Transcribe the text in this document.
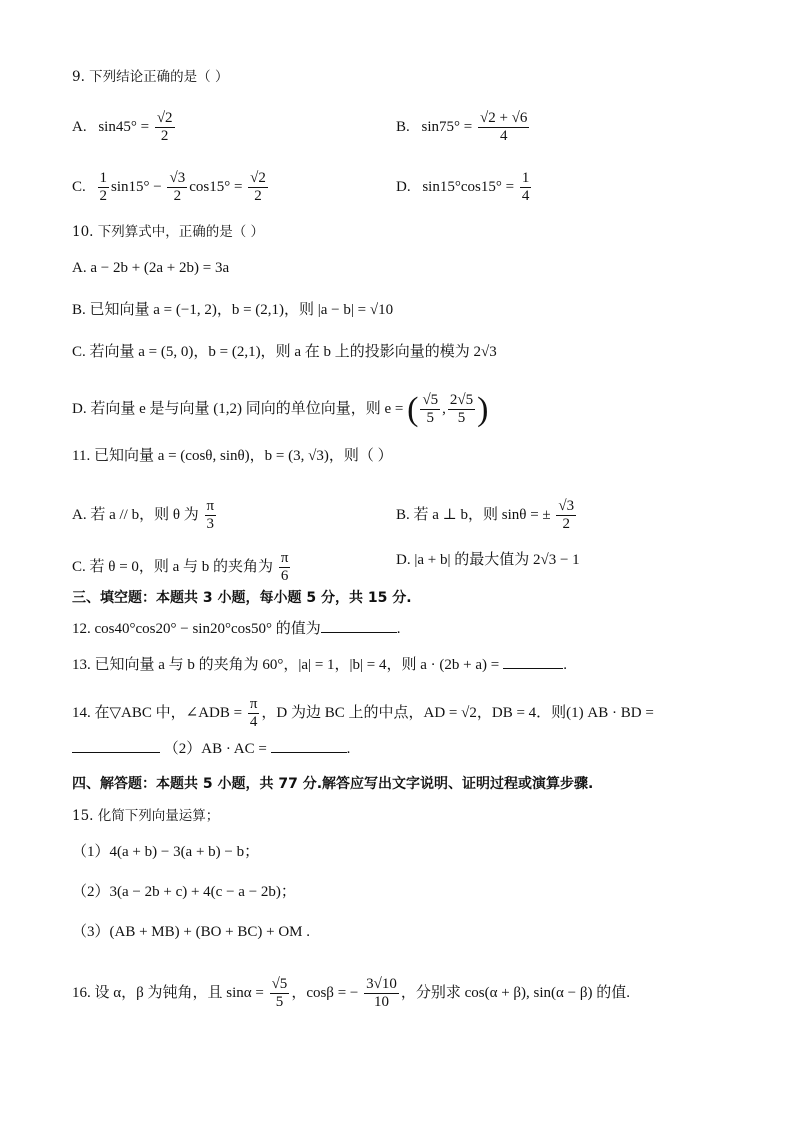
9. 下列结论正确的是（ ）
A. $\sin 45^\circ = \frac{√2}{2}$	B. $\sin 75^\circ = \frac{√2 + √6}{4}$
C. $\frac{1}{2} \sin 15^\circ - \frac{√3}{2} \cos 15^\circ = \frac{√2}{2}$	D. $\sin 15^\circ\cos 15^\circ = \frac{1}{4}$
10. 下列算式中，正确的是（ ）
A. a − 2b + (2a + 2b) = 3a
B. 已知向量 a = (−1, 2)，b = (2,1)，则 |a − b| = √10
C. 若向量 a = (5, 0)，b = (2,1)，则 a 在 b 上的投影向量的模为 2√3
D. 若向量 e 是与向量 (1,2) 同向的单位向量，则 e = ( $\frac{√5}{5}$ , $\frac{2√5}{5}$ )
11. 已知向量 a = (cosθ, sinθ)，b = (3, √3)，则（ ）
A. 若 a // b，则 θ 为 $\frac{\pi}{3}$	B. 若 a ⊥ b，则 sinθ = ± $\frac{√3}{2}$
C. 若 θ = 0，则 a 与 b 的夹角为 $\frac{\pi}{6}$	D. |a + b| 的最大值为 2√3 − 1
三、填空题：本题共 3 小题，每小题 5 分，共 15 分.
12. cos40°cos20° − sin20°cos50° 的值为	.
13. 已知向量 a 与 b 的夹角为 60°，|a| = 1，|b| = 4，则 a · (2b + a) =	.
14. 在▽ABC 中，∠ADB = $\frac{\pi}{4}$ ，D 为边 BC 上的中点，AD = √2，DB = 4．则(1) AB · BD =
（2）AB · AC =	.
四、解答题：本题共 5 小题，共 77 分.解答应写出文字说明、证明过程或演算步骤.
15. 化简下列向量运算；
（1）4(a + b) − 3(a + b) − b；
（2）3(a − 2b + c) + 4(c − a − 2b)；
（3）(AB + MB) + (BO + BC) + OM .
16. 设 α，β 为钝角，且 $\sin\alpha = \frac{√5}{5}$ ，cosβ = − $\frac{3√10}{10}$ ，分别求 cos(α + β), sin(α − β) 的值.
